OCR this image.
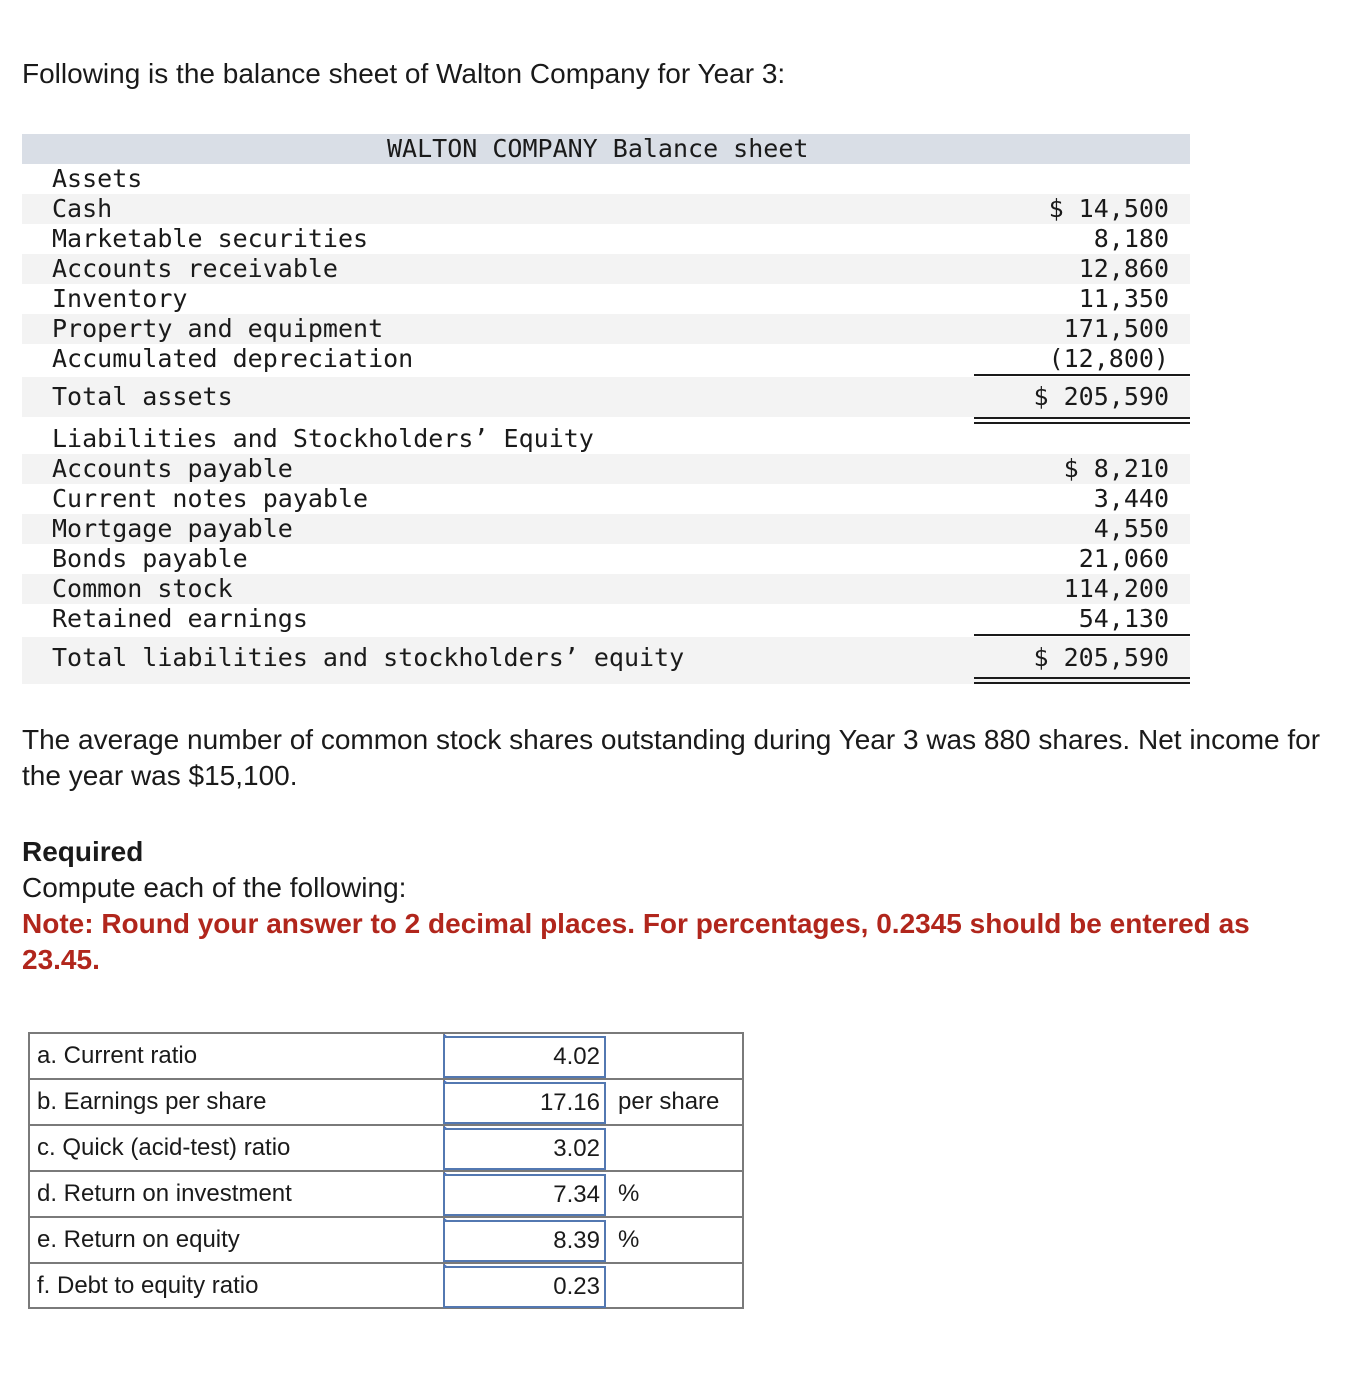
Following is the balance sheet of Walton Company for Year 3:

WALTON COMPANY Balance sheet
Assets
Cash	$ 14,500
Marketable securities	8,180
Accounts receivable	12,860
Inventory	11,350
Property and equipment	171,500
Accumulated depreciation	(12,800)
Total assets	$ 205,590
Liabilities and Stockholders’ Equity
Accounts payable	$ 8,210
Current notes payable	3,440
Mortgage payable	4,550
Bonds payable	21,060
Common stock	114,200
Retained earnings	54,130
Total liabilities and stockholders’ equity	$ 205,590

The average number of common stock shares outstanding during Year 3 was 880 shares. Net income for the year was $15,100.

Required

Compute each of the following:

Note: Round your answer to 2 decimal places. For percentages, 0.2345 should be entered as 23.45.

a. Current ratio	4.02
b. Earnings per share	17.16 per share
c. Quick (acid-test) ratio	3.02
d. Return on investment	7.34 %
e. Return on equity	8.39 %
f. Debt to equity ratio	0.23
